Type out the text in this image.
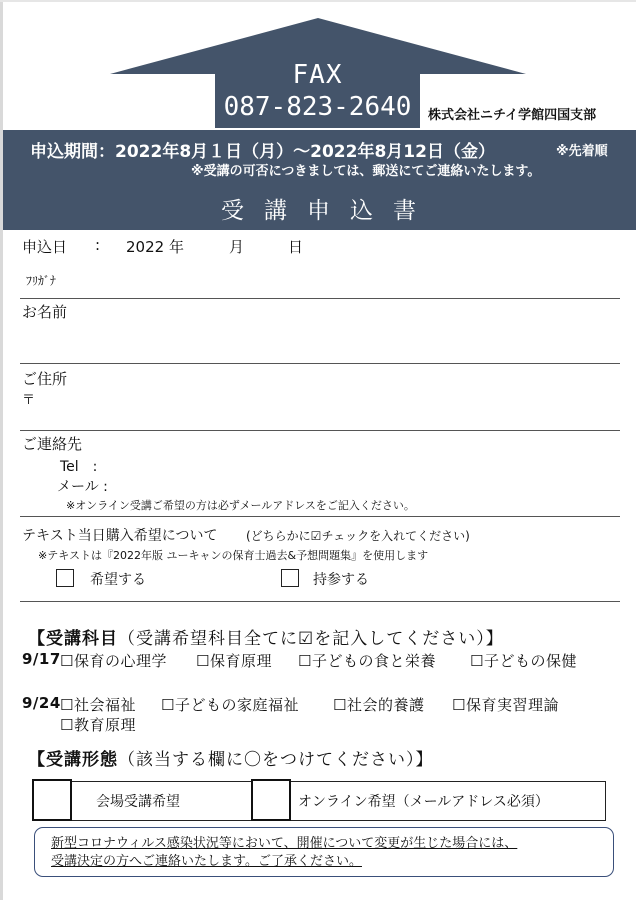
FAX
087-823-2640	株式会社ニチイ学館四国支部
申込期間：2022年8月１日（月）～2022年8月12日（金）	※先着順
※受講の可否につきましては、郵送にてご連絡いたします。
受講申込書
申込日 : 2022 年	月	日
ﾌﾘｶﾞﾅ
お名前
ご住所
〒
ご連絡先
Tel　:
メール :
※オンライン受講ご希望の方は必ずメールアドレスをご記入ください。
テキスト当日購入希望について (どちらかに☑チェックを入れてください)
※テキストは『2022年版 ユーキャンの保育士過去&予想問題集』を使用します
希望する	持参する
【受講科目（受講希望科目全てに☑を記入してください）】
9/17 ☐保育の心理学 ☐保育原理 ☐子どもの食と栄養 ☐子どもの保健
9/24 ☐社会福祉 ☐子どもの家庭福祉 ☐社会的養護 ☐保育実習理論
☐教育原理
【受講形態（該当する欄に〇をつけてください）】
会場受講希望	オンライン希望（メールアドレス必須）
新型コロナウィルス感染状況等において、開催について変更が生じた場合には、
受講決定の方へご連絡いたします。ご了承ください。
